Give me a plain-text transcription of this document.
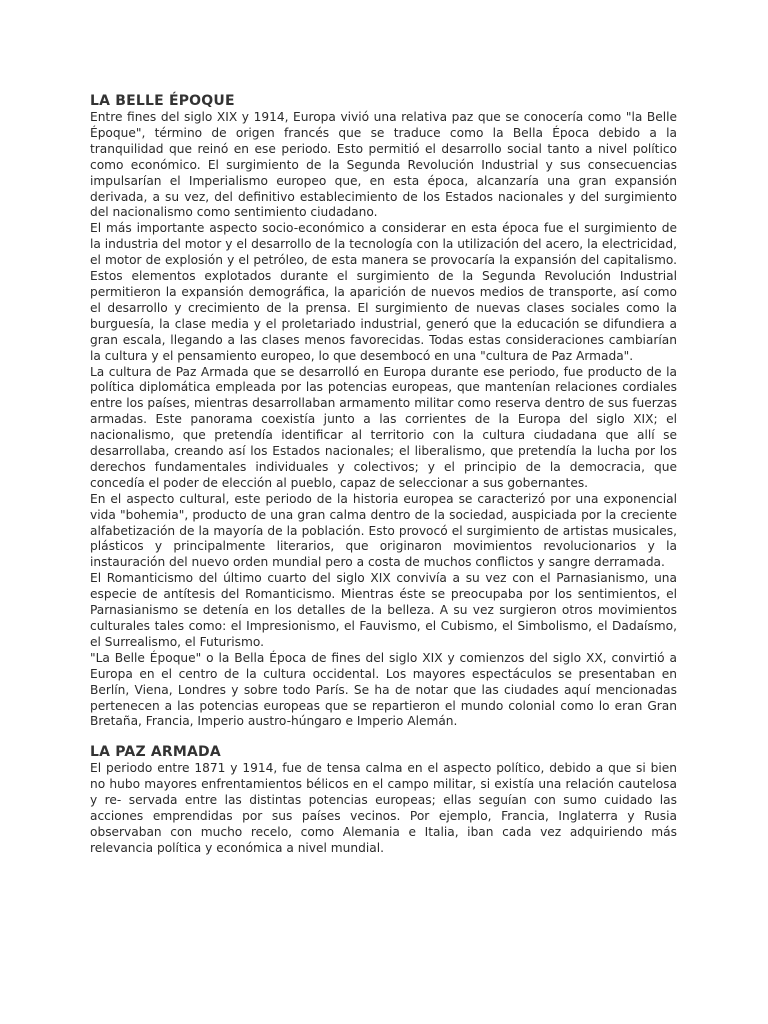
LA BELLE ÉPOQUE

Entre fines del siglo XIX y 1914, Europa vivió una relativa paz que se conocería como "la Belle Époque", término de origen francés que se traduce como la Bella Época debido a la tranquilidad que reinó en ese periodo. Esto permitió el desarrollo social tanto a nivel político como económico. El surgimiento de la Segunda Revolución Industrial y sus consecuencias impulsarían el Imperialismo europeo que, en esta época, alcanzaría una gran expansión derivada, a su vez, del definitivo establecimiento de los Estados nacionales y del surgimiento del nacionalismo como sentimiento ciudadano.

El más importante aspecto socio-económico a considerar en esta época fue el surgimiento de la industria del motor y el desarrollo de la tecnología con la utilización del acero, la electricidad, el motor de explosión y el petróleo, de esta manera se provocaría la expansión del capitalismo. Estos elementos explotados durante el surgimiento de la Segunda Revolución Industrial permitieron la expansión demográfica, la aparición de nuevos medios de transporte, así como el desarrollo y crecimiento de la prensa. El surgimiento de nuevas clases sociales como la burguesía, la clase media y el proletariado industrial, generó que la educación se difundiera a gran escala, llegando a las clases menos favorecidas. Todas estas consideraciones cambiarían la cultura y el pensamiento europeo, lo que desembocó en una "cultura de Paz Armada".

La cultura de Paz Armada que se desarrolló en Europa durante ese periodo, fue producto de la política diplomática empleada por las potencias europeas, que mantenían relaciones cordiales entre los países, mientras desarrollaban armamento militar como reserva dentro de sus fuerzas armadas. Este panorama coexistía junto a las corrientes de la Europa del siglo XIX; el nacionalismo, que pretendía identificar al territorio con la cultura ciudadana que allí se desarrollaba, creando así los Estados nacionales; el liberalismo, que pretendía la lucha por los derechos fundamentales individuales y colectivos; y el principio de la democracia, que concedía el poder de elección al pueblo, capaz de seleccionar a sus gobernantes.

En el aspecto cultural, este periodo de la historia europea se caracterizó por una exponencial vida "bohemia", producto de una gran calma dentro de la sociedad, auspiciada por la creciente alfabetización de la mayoría de la población. Esto provocó el surgimiento de artistas musicales, plásticos y principalmente literarios, que originaron movimientos revolucionarios y la instauración del nuevo orden mundial pero a costa de muchos conflictos y sangre derramada.

El Romanticismo del último cuarto del siglo XIX convivía a su vez con el Parnasianismo, una especie de antítesis del Romanticismo. Mientras éste se preocupaba por los sentimientos, el Parnasianismo se detenía en los detalles de la belleza. A su vez surgieron otros movimientos culturales tales como: el Impresionismo, el Fauvismo, el Cubismo, el Simbolismo, el Dadaísmo, el Surrealismo, el Futurismo.

"La Belle Époque" o la Bella Época de fines del siglo XIX y comienzos del siglo XX, convirtió a Europa en el centro de la cultura occidental. Los mayores espectáculos se presentaban en Berlín, Viena, Londres y sobre todo París. Se ha de notar que las ciudades aquí mencionadas pertenecen a las potencias europeas que se repartieron el mundo colonial como lo eran Gran Bretaña, Francia, Imperio austro-húngaro e Imperio Alemán.

LA PAZ ARMADA

El periodo entre 1871 y 1914, fue de tensa calma en el aspecto político, debido a que si bien no hubo mayores enfrentamientos bélicos en el campo militar, si existía una relación cautelosa y re- servada entre las distintas potencias europeas; ellas seguían con sumo cuidado las acciones emprendidas por sus países vecinos. Por ejemplo, Francia, Inglaterra y Rusia observaban con mucho recelo, como Alemania e Italia, iban cada vez adquiriendo más relevancia política y económica a nivel mundial.
